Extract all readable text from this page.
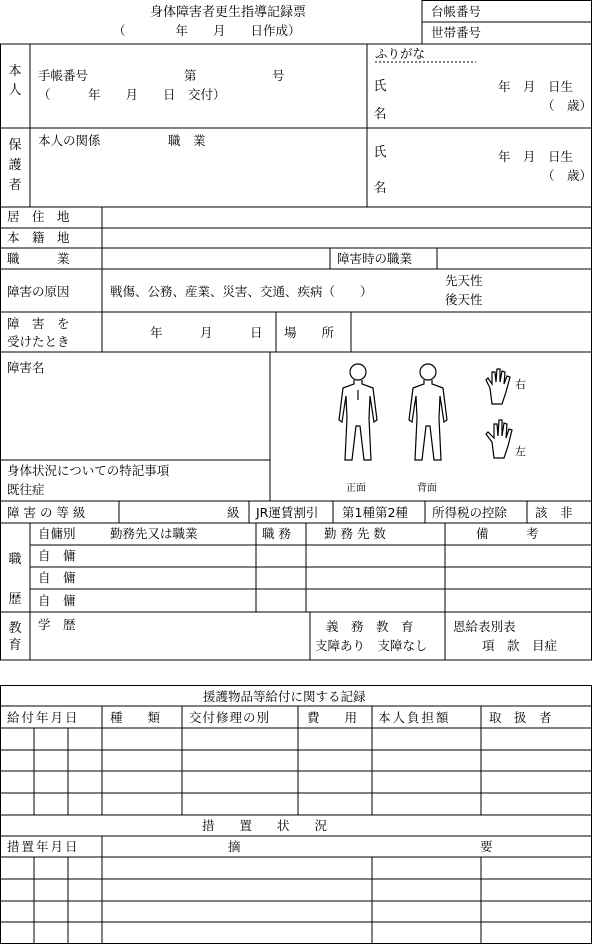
身体障害者更生指導記録票
（　　　　年　　月　　日作成）
台帳番号
世帯番号
本人
手帳番号	第	号
（　　　年　　月　　日　交付）
ふりがな
氏名
年　月　日生
（　歳）
保護者
本人の関係	職　業
氏名
年　月　日生
（　歳）
居　住　地
本　籍　地
職　　　業	障害時の職業
障害の原因	戦傷、公務、産業、災害、交通、疾病（　　）
先天性
後天性
障　害　を
受けたとき
年　　　月　　　日 場　　所
障害名
身体状況についての特記事項
既往症	正面	背面
右
左
障 害 の 等 級	級 JR運賃割引 第1種第2種 所得税の控除 該　非
職歴
自傭別	勤務先又は職業	職 務	勤 務 先 数	備　　　考
自　傭
自　傭
自　傭
教育
学　歴	義　務　教　育
支障あり　支障なし
恩給表別表
項　款　目症
援護物品等給付に関する記録
給付年月日 種　　類 交付修理の別	費　　用 本人負担額	取　扱　者
措　　置　　状　　況
措置年月日	摘	要
